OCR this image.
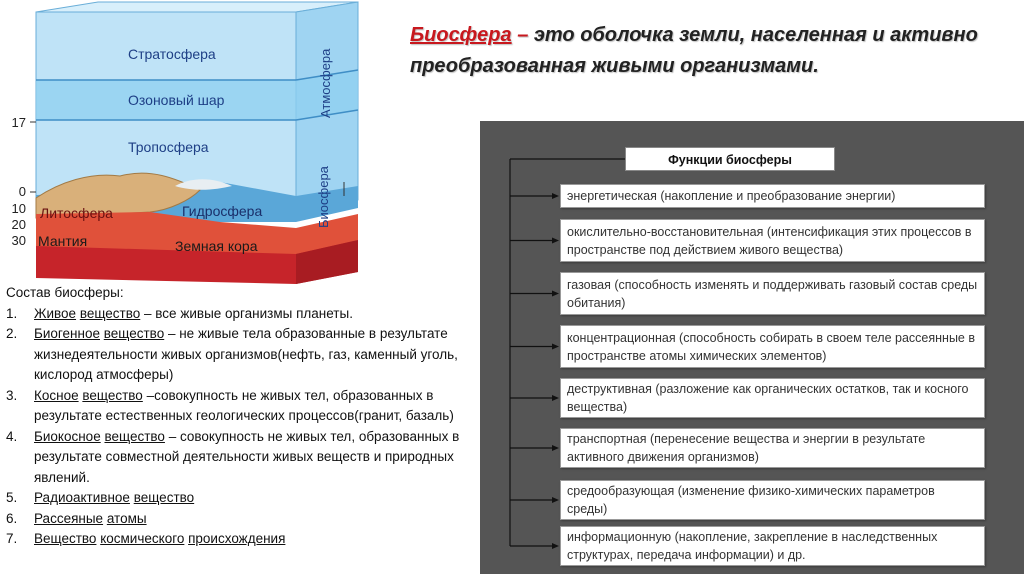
Стратосфера
Озоновый шар
Тропосфера
Литосфера	Гидросфера
Мантия	Земная кора
Атмосфера
Биосфера
17
0
10
20
30
Биосфера – это оболочка земли, населенная и активно преобразованная живыми организмами.
Состав биосферы:
1.	Живое вещество – все живые организмы планеты.
2.	Биогенное вещество – не живые тела образованные в результате жизнедеятельности живых организмов(нефть, газ, каменный уголь, кислород атмосферы)
3.	Косное вещество –совокупность не живых тел, образованных в результате естественных геологических процессов(гранит, базаль)
4.	Биокосное вещество – совокупность не живых тел, образованных в результате совместной деятельности живых веществ и природных явлений.
5.	Радиоактивное вещество
6.	Рассеяные атомы
7.	Вещество космического происхождения
Функции биосферы
энергетическая (накопление и преобразование энергии)
окислительно-восстановительная (интенсификация этих процессов в пространстве под действием живого вещества)
газовая (способность изменять и поддерживать газовый состав среды обитания)
концентрационная (способность собирать в своем теле рассеянные в пространстве атомы химических элементов)
деструктивная (разложение как органических остатков, так и косного вещества)
транспортная (перенесение вещества и энергии в результате активного движения организмов)
средообразующая (изменение физико-химических параметров среды)
информационную (накопление, закрепление в наследственных структурах, передача информации) и др.
